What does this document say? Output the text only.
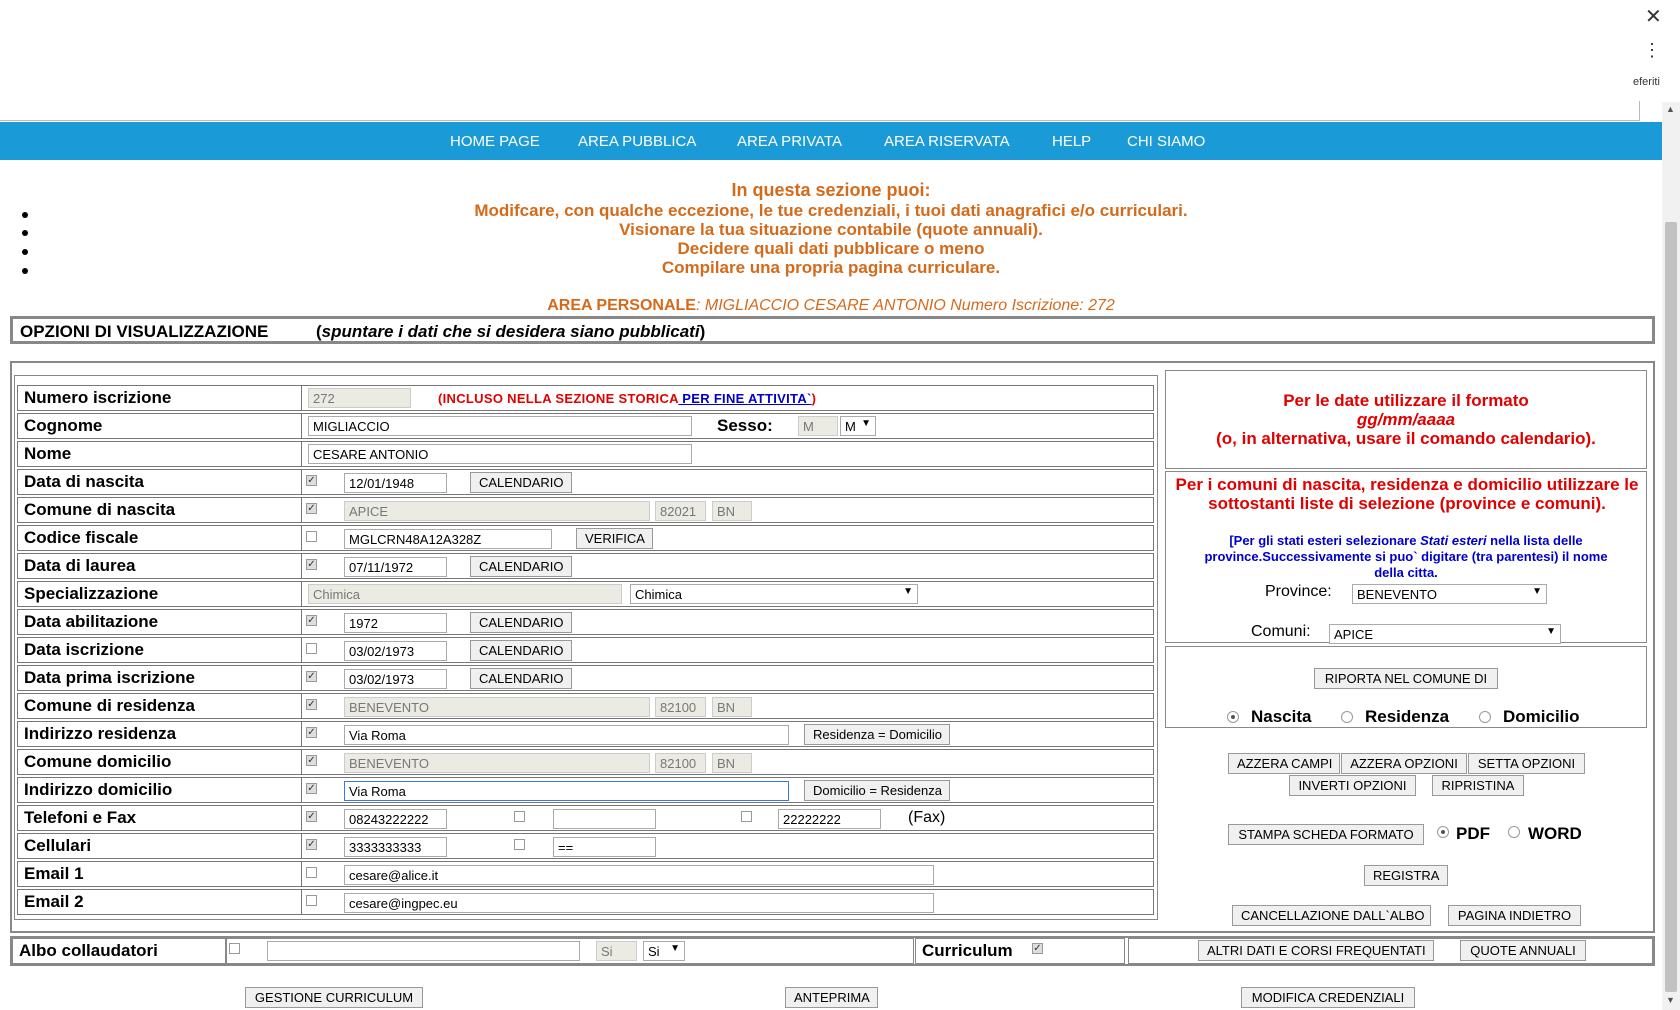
✕
⋮
eferiti
▲
▼
HOME PAGE	AREA PUBBLICA	AREA PRIVATA	AREA RISERVATA	HELP CHI SIAMO
In questa sezione puoi:
Modifcare, con qualche eccezione, le tue credenziali, i tuoi dati anagrafici e/o curriculari.
Visionare la tua situazione contabile (quote annuali).
Decidere quali dati pubblicare o meno
Compilare una propria pagina curriculare.
AREA PERSONALE: MIGLIACCIO CESARE ANTONIO Numero Iscrizione: 272
OPZIONI DI VISUALIZZAZIONE	(spuntare i dati che si desidera siano pubblicati)
Numero iscrizione	272	(INCLUSO NELLA SEZIONE STORICA PER FINE ATTIVITA`)
Cognome	MIGLIACCIO	Sesso:	M	M ▼
Nome	CESARE ANTONIO
Data di nascita	✓	12/01/1948	CALENDARIO
Comune di nascita	✓	APICE	82021	BN
Codice fiscale	MGLCRN48A12A328Z	VERIFICA
Data di laurea	✓	07/11/1972	CALENDARIO
Specializzazione	Chimica	Chimica	▼
Data abilitazione	✓	1972	CALENDARIO
Data iscrizione	03/02/1973	CALENDARIO
Data prima iscrizione	✓	03/02/1973	CALENDARIO
Comune di residenza	✓	BENEVENTO	82100	BN
Indirizzo residenza	✓	Via Roma	Residenza = Domicilio
Comune domicilio	✓	BENEVENTO	82100	BN
Indirizzo domicilio	✓	Via Roma	Domicilio = Residenza
Telefoni e Fax	✓	08243222222	22222222	(Fax)
Cellulari	✓	3333333333	==
Email 1	cesare@alice.it
Email 2	cesare@ingpec.eu
Per le date utilizzare il formato
gg/mm/aaaa
(o, in alternativa, usare il comando calendario).
Per i comuni di nascita, residenza e domicilio utilizzare le sottostanti liste di selezione (province e comuni).
[Per gli stati esteri selezionare Stati esteri nella lista delle province.Successivamente si puo` digitare (tra parentesi) il nome della citta.
Province:	BENEVENTO	▼
Comuni:	APICE	▼
RIPORTA NEL COMUNE DI
Nascita	Residenza	Domicilio
AZZERA CAMPI	AZZERA OPZIONI	SETTA OPZIONI
INVERTI OPZIONI	RIPRISTINA
STAMPA SCHEDA FORMATO	PDF WORD
REGISTRA
CANCELLAZIONE DALL`ALBO	PAGINA INDIETRO
Albo collaudatori	Si	Si ▼	Curriculum ✓	ALTRI DATI E CORSI FREQUENTATI	QUOTE ANNUALI
GESTIONE CURRICULUM	ANTEPRIMA	MODIFICA CREDENZIALI
